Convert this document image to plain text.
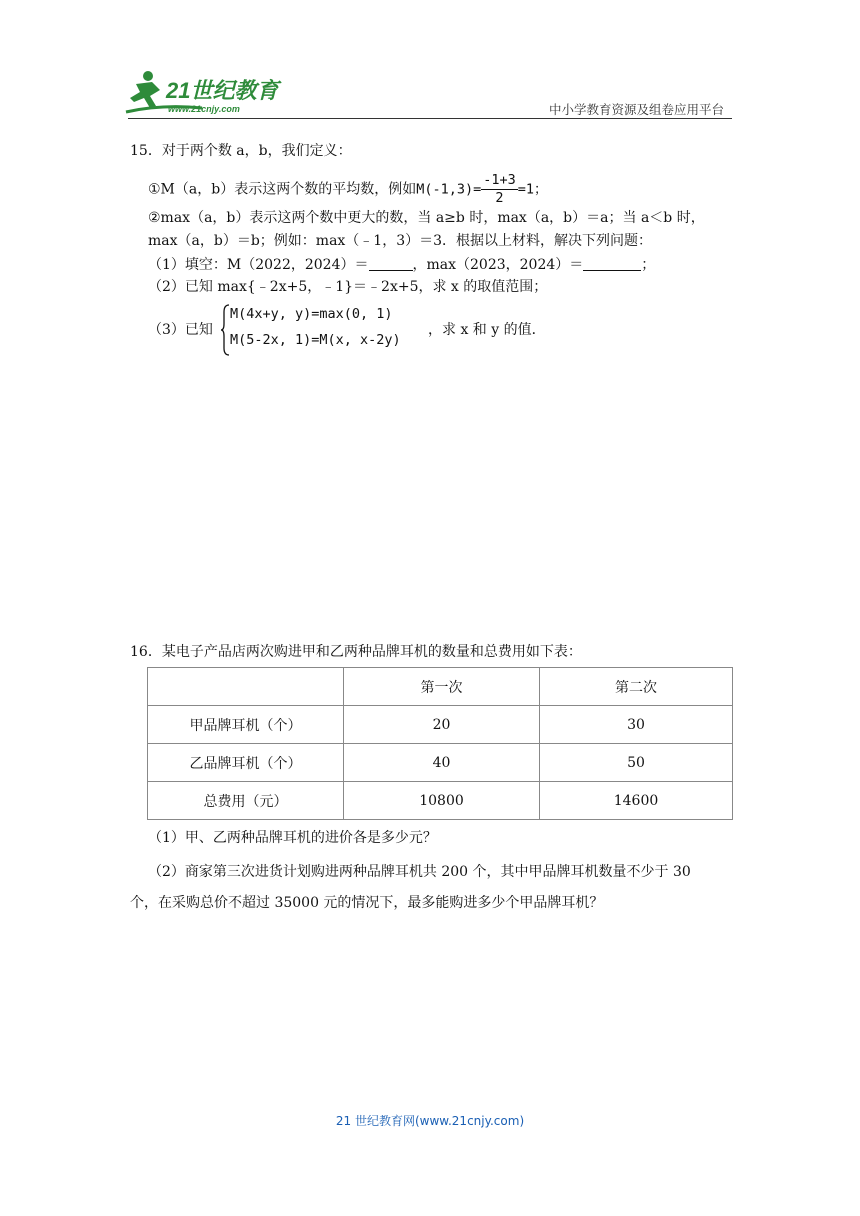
21世纪教育
www.21cnjy.com	中小学教育资源及组卷应用平台
15．对于两个数 a，b，我们定义：
①M（a，b）表示这两个数的平均数，例如$M(-1,3)= \frac{-1+3}{2} =1$；
②max（a，b）表示这两个数中更大的数，当 a≥b 时，max（a，b）＝a；当 a＜b 时，
max（a，b）＝b；例如：max（﹣1，3）＝3．根据以上材料，解决下列问题：
（1）填空：M（2022，2024）＝	，max（2023，2024）＝	；
（2）已知 max{﹣2x+5，﹣1}＝﹣2x+5，求 x 的取值范围；
（3）已知
M(4x+y, y)=max(0, 1)
M(5-2x, 1)=M(x, x-2y)
，求 x 和 y 的值．
16．某电子产品店两次购进甲和乙两种品牌耳机的数量和总费用如下表：
	第一次	第二次
甲品牌耳机（个）	20	30
乙品牌耳机（个）	40	50
总费用（元）	10800	14600
（1）甲、乙两种品牌耳机的进价各是多少元？
（2）商家第三次进货计划购进两种品牌耳机共 200 个，其中甲品牌耳机数量不少于 30
个，在采购总价不超过 35000 元的情况下，最多能购进多少个甲品牌耳机？
21 世纪教育网(www.21cnjy.com)
